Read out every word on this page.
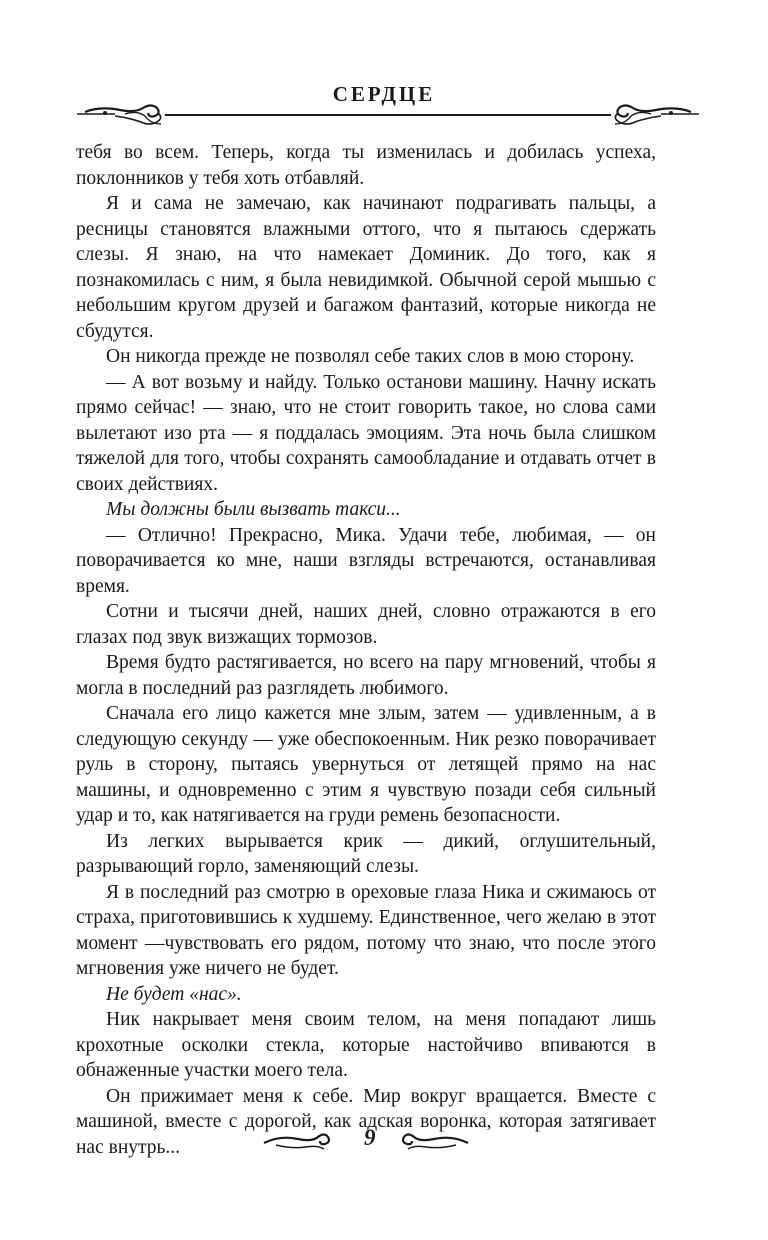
СЕРДЦЕ

тебя во всем. Теперь, когда ты изменилась и добилась успеха, поклонников у тебя хоть отбавляй.

Я и сама не замечаю, как начинают подрагивать пальцы, а ресницы становятся влажными оттого, что я пытаюсь сдержать слезы. Я знаю, на что намекает Доминик. До того, как я познакомилась с ним, я была невидимкой. Обычной серой мышью с небольшим кругом друзей и багажом фантазий, которые никогда не сбудутся.

Он никогда прежде не позволял себе таких слов в мою сторону.

— А вот возьму и найду. Только останови машину. Начну искать прямо сейчас! — знаю, что не стоит говорить такое, но слова сами вылетают изо рта — я поддалась эмоциям. Эта ночь была слишком тяжелой для того, чтобы сохранять самообладание и отдавать отчет в своих действиях.

Мы должны были вызвать такси...

— Отлично! Прекрасно, Мика. Удачи тебе, любимая, — он поворачивается ко мне, наши взгляды встречаются, останавливая время.

Сотни и тысячи дней, наших дней, словно отражаются в его глазах под звук визжащих тормозов.

Время будто растягивается, но всего на пару мгновений, чтобы я могла в последний раз разглядеть любимого.

Сначала его лицо кажется мне злым, затем — удивленным, а в следующую секунду — уже обеспокоенным. Ник резко поворачивает руль в сторону, пытаясь увернуться от летящей прямо на нас машины, и одновременно с этим я чувствую позади себя сильный удар и то, как натягивается на груди ремень безопасности.

Из легких вырывается крик — дикий, оглушительный, разрывающий горло, заменяющий слезы.

Я в последний раз смотрю в ореховые глаза Ника и сжимаюсь от страха, приготовившись к худшему. Единственное, чего желаю в этот момент —чувствовать его рядом, потому что знаю, что после этого мгновения уже ничего не будет.

Не будет «нас».

Ник накрывает меня своим телом, на меня попадают лишь крохотные осколки стекла, которые настойчиво впиваются в обнаженные участки моего тела.

Он прижимает меня к себе. Мир вокруг вращается. Вместе с машиной, вместе с дорогой, как адская воронка, которая затягивает нас внутрь...	9
